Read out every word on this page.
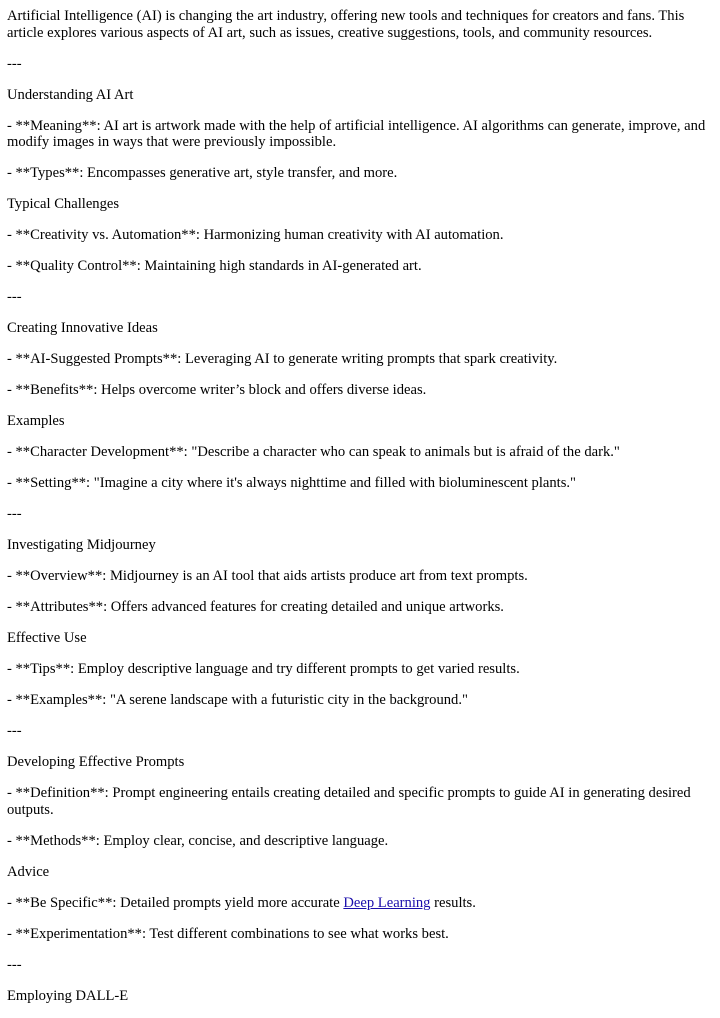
Artificial Intelligence (AI) is changing the art industry, offering new tools and techniques for creators and fans. This article explores various aspects of AI art, such as issues, creative suggestions, tools, and community resources.

---

Understanding AI Art

- **Meaning**: AI art is artwork made with the help of artificial intelligence. AI algorithms can generate, improve, and modify images in ways that were previously impossible.

- **Types**: Encompasses generative art, style transfer, and more.

Typical Challenges

- **Creativity vs. Automation**: Harmonizing human creativity with AI automation.

- **Quality Control**: Maintaining high standards in AI-generated art.

---

Creating Innovative Ideas

- **AI-Suggested Prompts**: Leveraging AI to generate writing prompts that spark creativity.

- **Benefits**: Helps overcome writer’s block and offers diverse ideas.

Examples

- **Character Development**: "Describe a character who can speak to animals but is afraid of the dark."

- **Setting**: "Imagine a city where it's always nighttime and filled with bioluminescent plants."

---

Investigating Midjourney

- **Overview**: Midjourney is an AI tool that aids artists produce art from text prompts.

- **Attributes**: Offers advanced features for creating detailed and unique artworks.

Effective Use

- **Tips**: Employ descriptive language and try different prompts to get varied results.

- **Examples**: "A serene landscape with a futuristic city in the background."

---

Developing Effective Prompts

- **Definition**: Prompt engineering entails creating detailed and specific prompts to guide AI in generating desired outputs.

- **Methods**: Employ clear, concise, and descriptive language.

Advice

- **Be Specific**: Detailed prompts yield more accurate Deep Learning results.

- **Experimentation**: Test different combinations to see what works best.

---

Employing DALL-E
